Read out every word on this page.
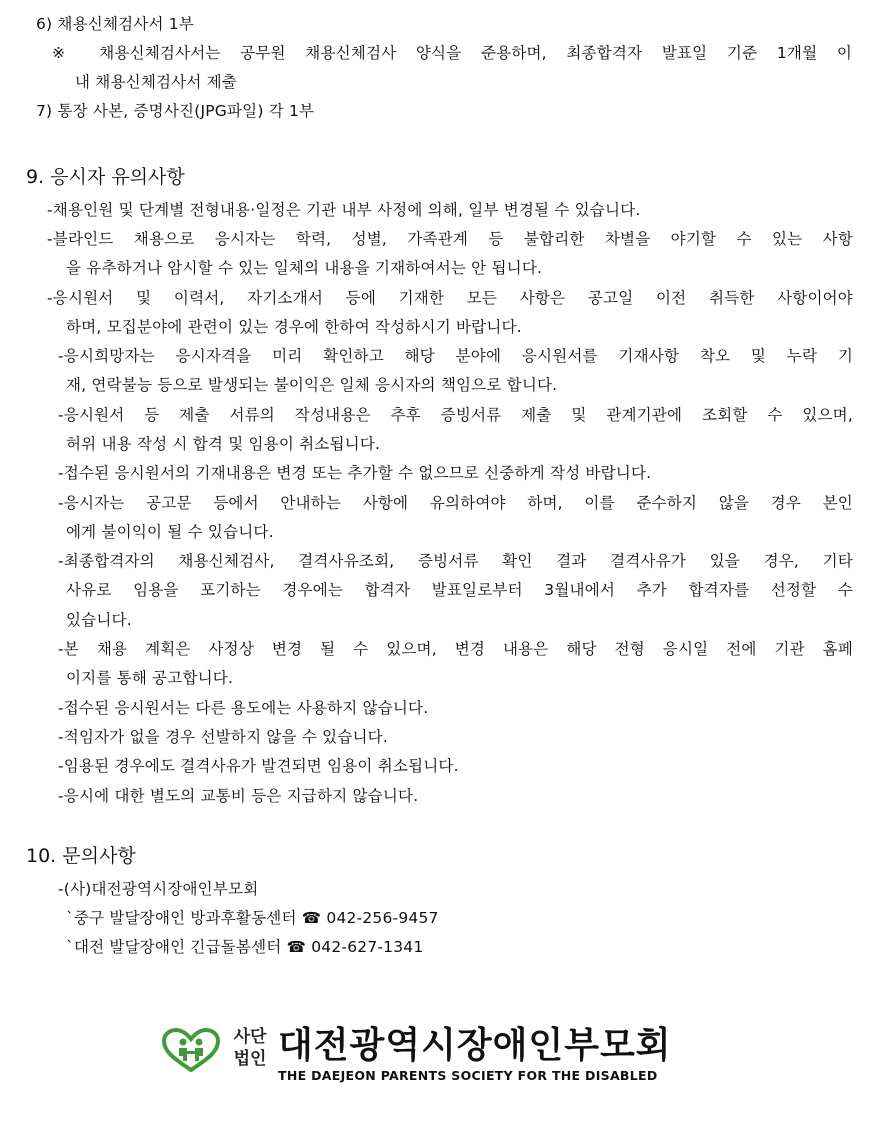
6) 채용신체검사서 1부
※ 채용신체검사서는 공무원 채용신체검사 양식을 준용하며, 최종합격자 발표일 기준 1개월 이
내 채용신체검사서 제출
7) 통장 사본, 증명사진(JPG파일) 각 1부
9. 응시자 유의사항
-채용인원 및 단계별 전형내용·일정은 기관 내부 사정에 의해, 일부 변경될 수 있습니다.
-블라인드 채용으로 응시자는 학력, 성별, 가족관계 등 불합리한 차별을 야기할 수 있는 사항
을 유추하거나 암시할 수 있는 일체의 내용을 기재하여서는 안 됩니다.
-응시원서 및 이력서, 자기소개서 등에 기재한 모든 사항은 공고일 이전 취득한 사항이어야
하며, 모집분야에 관련이 있는 경우에 한하여 작성하시기 바랍니다.
-응시희망자는 응시자격을 미리 확인하고 해당 분야에 응시원서를 기재사항 착오 및 누락 기
재, 연락불능 등으로 발생되는 불이익은 일체 응시자의 책임으로 합니다.
-응시원서 등 제출 서류의 작성내용은 추후 증빙서류 제출 및 관계기관에 조회할 수 있으며,
허위 내용 작성 시 합격 및 임용이 취소됩니다.
-접수된 응시원서의 기재내용은 변경 또는 추가할 수 없으므로 신중하게 작성 바랍니다.
-응시자는 공고문 등에서 안내하는 사항에 유의하여야 하며, 이를 준수하지 않을 경우 본인
에게 불이익이 될 수 있습니다.
-최종합격자의 채용신체검사, 결격사유조회, 증빙서류 확인 결과 결격사유가 있을 경우, 기타
사유로 임용을 포기하는 경우에는 합격자 발표일로부터 3월내에서 추가 합격자를 선정할 수
있습니다.
-본 채용 계획은 사정상 변경 될 수 있으며, 변경 내용은 해당 전형 응시일 전에 기관 홈페
이지를 통해 공고합니다.
-접수된 응시원서는 다른 용도에는 사용하지 않습니다.
-적임자가 없을 경우 선발하지 않을 수 있습니다.
-임용된 경우에도 결격사유가 발견되면 임용이 취소됩니다.
-응시에 대한 별도의 교통비 등은 지급하지 않습니다.
10. 문의사항
-(사)대전광역시장애인부모회
`중구 발달장애인 방과후활동센터 ☎ 042-256-9457
`대전 발달장애인 긴급돌봄센터 ☎ 042-627-1341
사단
법인 대전광역시장애인부모회
THE DAEJEON PARENTS SOCIETY FOR THE DISABLED
